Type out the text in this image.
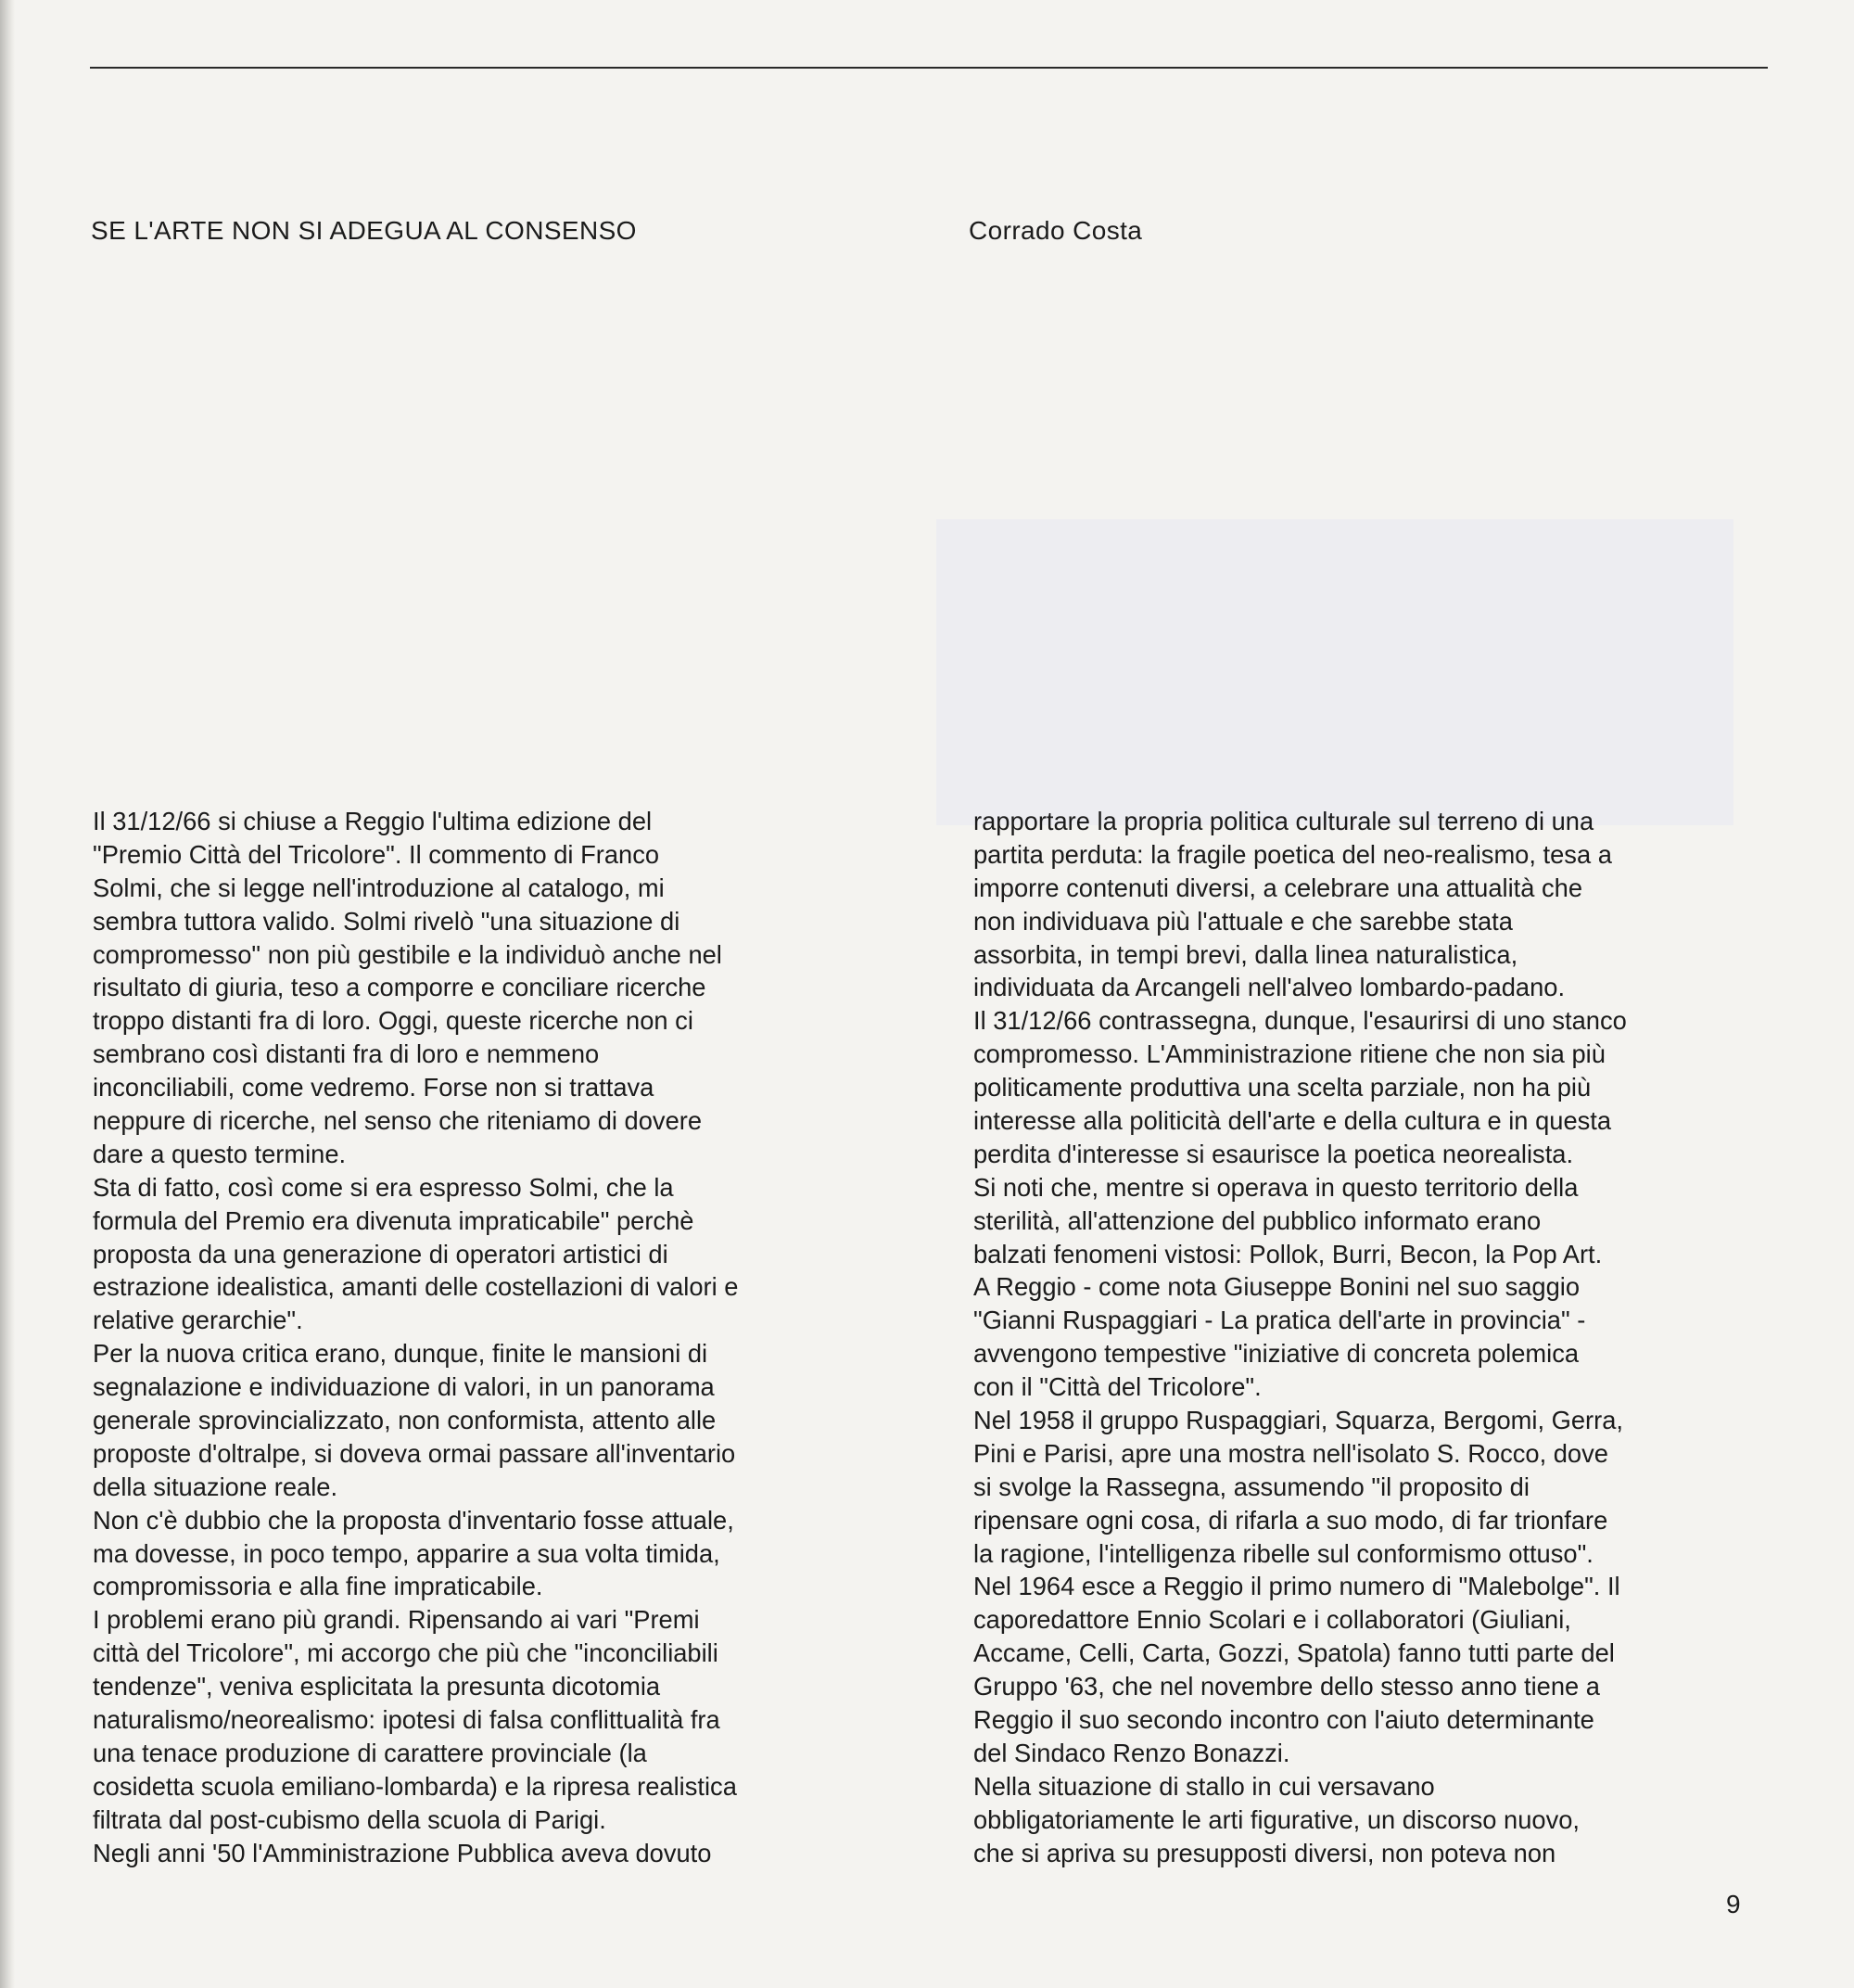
SE L'ARTE NON SI ADEGUA AL CONSENSO	Corrado Costa
Il 31/12/66 si chiuse a Reggio l'ultima edizione del
"Premio Città del Tricolore". Il commento di Franco
Solmi, che si legge nell'introduzione al catalogo, mi
sembra tuttora valido. Solmi rivelò "una situazione di
compromesso" non più gestibile e la individuò anche nel
risultato di giuria, teso a comporre e conciliare ricerche
troppo distanti fra di loro. Oggi, queste ricerche non ci
sembrano così distanti fra di loro e nemmeno
inconciliabili, come vedremo. Forse non si trattava
neppure di ricerche, nel senso che riteniamo di dovere
dare a questo termine.
Sta di fatto, così come si era espresso Solmi, che la
formula del Premio era divenuta impraticabile" perchè
proposta da una generazione di operatori artistici di
estrazione idealistica, amanti delle costellazioni di valori e
relative gerarchie".
Per la nuova critica erano, dunque, finite le mansioni di
segnalazione e individuazione di valori, in un panorama
generale sprovincializzato, non conformista, attento alle
proposte d'oltralpe, si doveva ormai passare all'inventario
della situazione reale.
Non c'è dubbio che la proposta d'inventario fosse attuale,
ma dovesse, in poco tempo, apparire a sua volta timida,
compromissoria e alla fine impraticabile.
I problemi erano più grandi. Ripensando ai vari "Premi
città del Tricolore", mi accorgo che più che "inconciliabili
tendenze", veniva esplicitata la presunta dicotomia
naturalismo/neorealismo: ipotesi di falsa conflittualità fra
una tenace produzione di carattere provinciale (la
cosidetta scuola emiliano-lombarda) e la ripresa realistica
filtrata dal post-cubismo della scuola di Parigi.
Negli anni '50 l'Amministrazione Pubblica aveva dovuto
rapportare la propria politica culturale sul terreno di una
partita perduta: la fragile poetica del neo-realismo, tesa a
imporre contenuti diversi, a celebrare una attualità che
non individuava più l'attuale e che sarebbe stata
assorbita, in tempi brevi, dalla linea naturalistica,
individuata da Arcangeli nell'alveo lombardo-padano.
Il 31/12/66 contrassegna, dunque, l'esaurirsi di uno stanco
compromesso. L'Amministrazione ritiene che non sia più
politicamente produttiva una scelta parziale, non ha più
interesse alla politicità dell'arte e della cultura e in questa
perdita d'interesse si esaurisce la poetica neorealista.
Si noti che, mentre si operava in questo territorio della
sterilità, all'attenzione del pubblico informato erano
balzati fenomeni vistosi: Pollok, Burri, Becon, la Pop Art.
A Reggio - come nota Giuseppe Bonini nel suo saggio
"Gianni Ruspaggiari - La pratica dell'arte in provincia" -
avvengono tempestive "iniziative di concreta polemica
con il "Città del Tricolore".
Nel 1958 il gruppo Ruspaggiari, Squarza, Bergomi, Gerra,
Pini e Parisi, apre una mostra nell'isolato S. Rocco, dove
si svolge la Rassegna, assumendo "il proposito di
ripensare ogni cosa, di rifarla a suo modo, di far trionfare
la ragione, l'intelligenza ribelle sul conformismo ottuso".
Nel 1964 esce a Reggio il primo numero di "Malebolge". Il
caporedattore Ennio Scolari e i collaboratori (Giuliani,
Accame, Celli, Carta, Gozzi, Spatola) fanno tutti parte del
Gruppo '63, che nel novembre dello stesso anno tiene a
Reggio il suo secondo incontro con l'aiuto determinante
del Sindaco Renzo Bonazzi.
Nella situazione di stallo in cui versavano
obbligatoriamente le arti figurative, un discorso nuovo,
che si apriva su presupposti diversi, non poteva non
9
